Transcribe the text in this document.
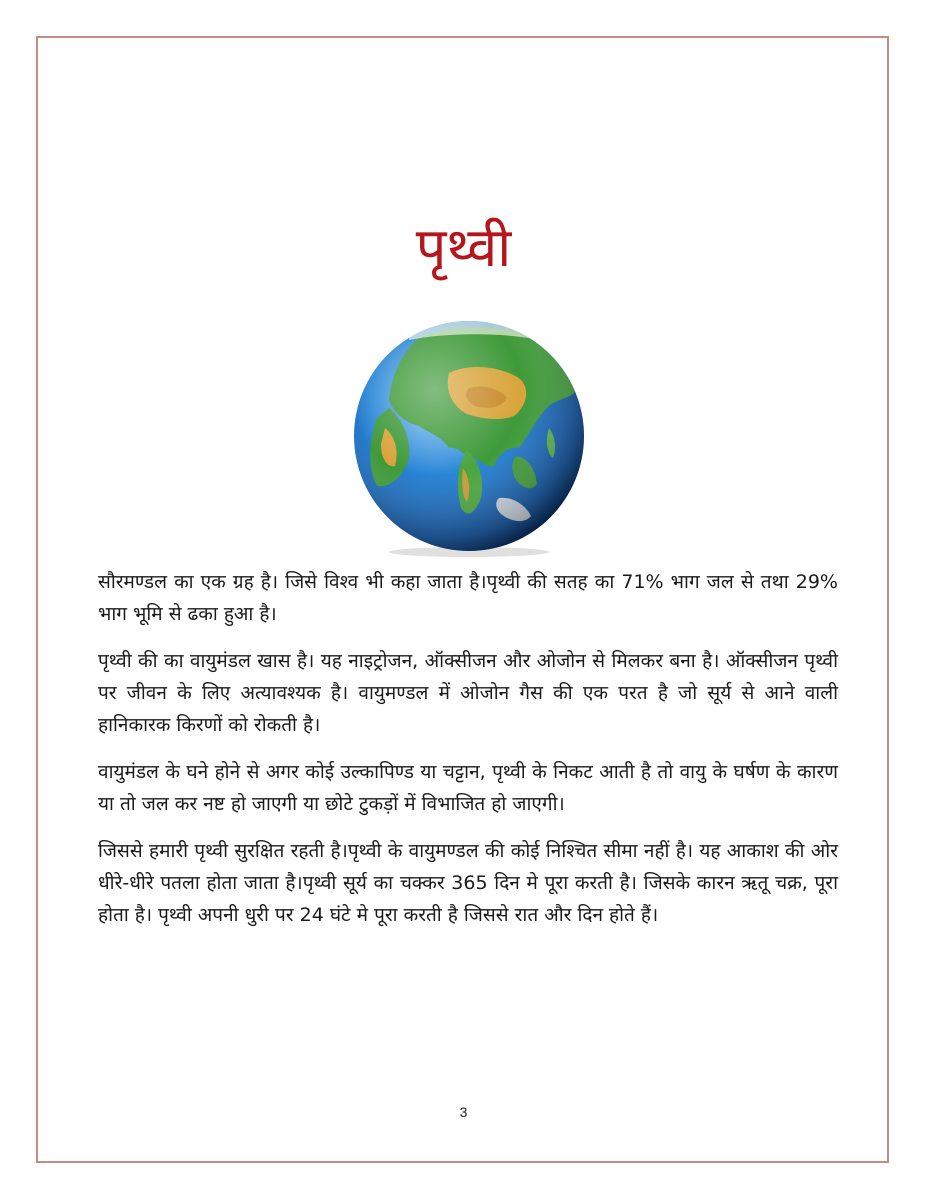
पृथ्वी

सौरमण्डल का एक ग्रह है। जिसे विश्व भी कहा जाता है।पृथ्वी की सतह का 71% भाग जल से तथा 29% भाग भूमि से ढका हुआ है।

पृथ्वी की का वायुमंडल खास है। यह नाइट्रोजन, ऑक्सीजन और ओजोन से मिलकर बना है। ऑक्सीजन पृथ्वी पर जीवन के लिए अत्यावश्यक है। वायुमण्डल में ओजोन गैस की एक परत है जो सूर्य से आने वाली हानिकारक किरणों को रोकती है।

वायुमंडल के घने होने से अगर कोई उल्कापिण्ड या चट्टान, पृथ्वी के निकट आती है तो वायु के घर्षण के कारण या तो जल कर नष्ट हो जाएगी या छोटे टुकड़ों में विभाजित हो जाएगी।

जिससे हमारी पृथ्वी सुरक्षित रहती है।पृथ्वी के वायुमण्डल की कोई निश्चित सीमा नहीं है। यह आकाश की ओर धीरे-धीरे पतला होता जाता है।पृथ्वी सूर्य का चक्कर 365 दिन मे पूरा करती है। जिसके कारन ऋतू चक्र, पूरा होता है। पृथ्वी अपनी धुरी पर 24 घंटे मे पूरा करती है जिससे रात और दिन होते हैं।

3
